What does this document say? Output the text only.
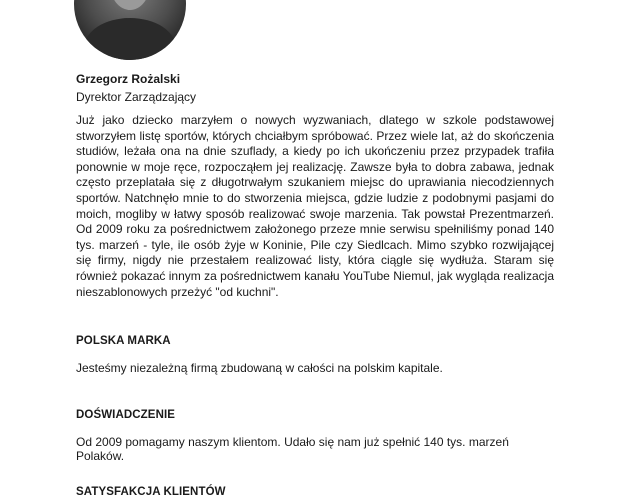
Grzegorz Rożalski

Dyrektor Zarządzający

Już jako dziecko marzyłem o nowych wyzwaniach, dlatego w szkole podstawowej stworzyłem listę sportów, których chciałbym spróbować. Przez wiele lat, aż do skończenia studiów, leżała ona na dnie szuflady, a kiedy po ich ukończeniu przez przypadek trafiła ponownie w moje ręce, rozpocząłem jej realizację. Zawsze była to dobra zabawa, jednak często przeplatała się z długotrwałym szukaniem miejsc do uprawiania niecodziennych sportów. Natchnęło mnie to do stworzenia miejsca, gdzie ludzie z podobnymi pasjami do moich, mogliby w łatwy sposób realizować swoje marzenia. Tak powstał Prezentmarzeń. Od 2009 roku za pośrednictwem założonego przeze mnie serwisu spełniliśmy ponad 140 tys. marzeń - tyle, ile osób żyje w Koninie, Pile czy Siedlcach. Mimo szybko rozwijającej się firmy, nigdy nie przestałem realizować listy, która ciągle się wydłuża. Staram się również pokazać innym za pośrednictwem kanału YouTube Niemul, jak wygląda realizacja nieszablonowych przeżyć "od kuchni".

POLSKA MARKA

Jesteśmy niezależną firmą zbudowaną w całości na polskim kapitale.

DOŚWIADCZENIE

Od 2009 pomagamy naszym klientom. Udało się nam już spełnić 140 tys. marzeń Polaków.

SATYSFAKCJA KLIENTÓW
